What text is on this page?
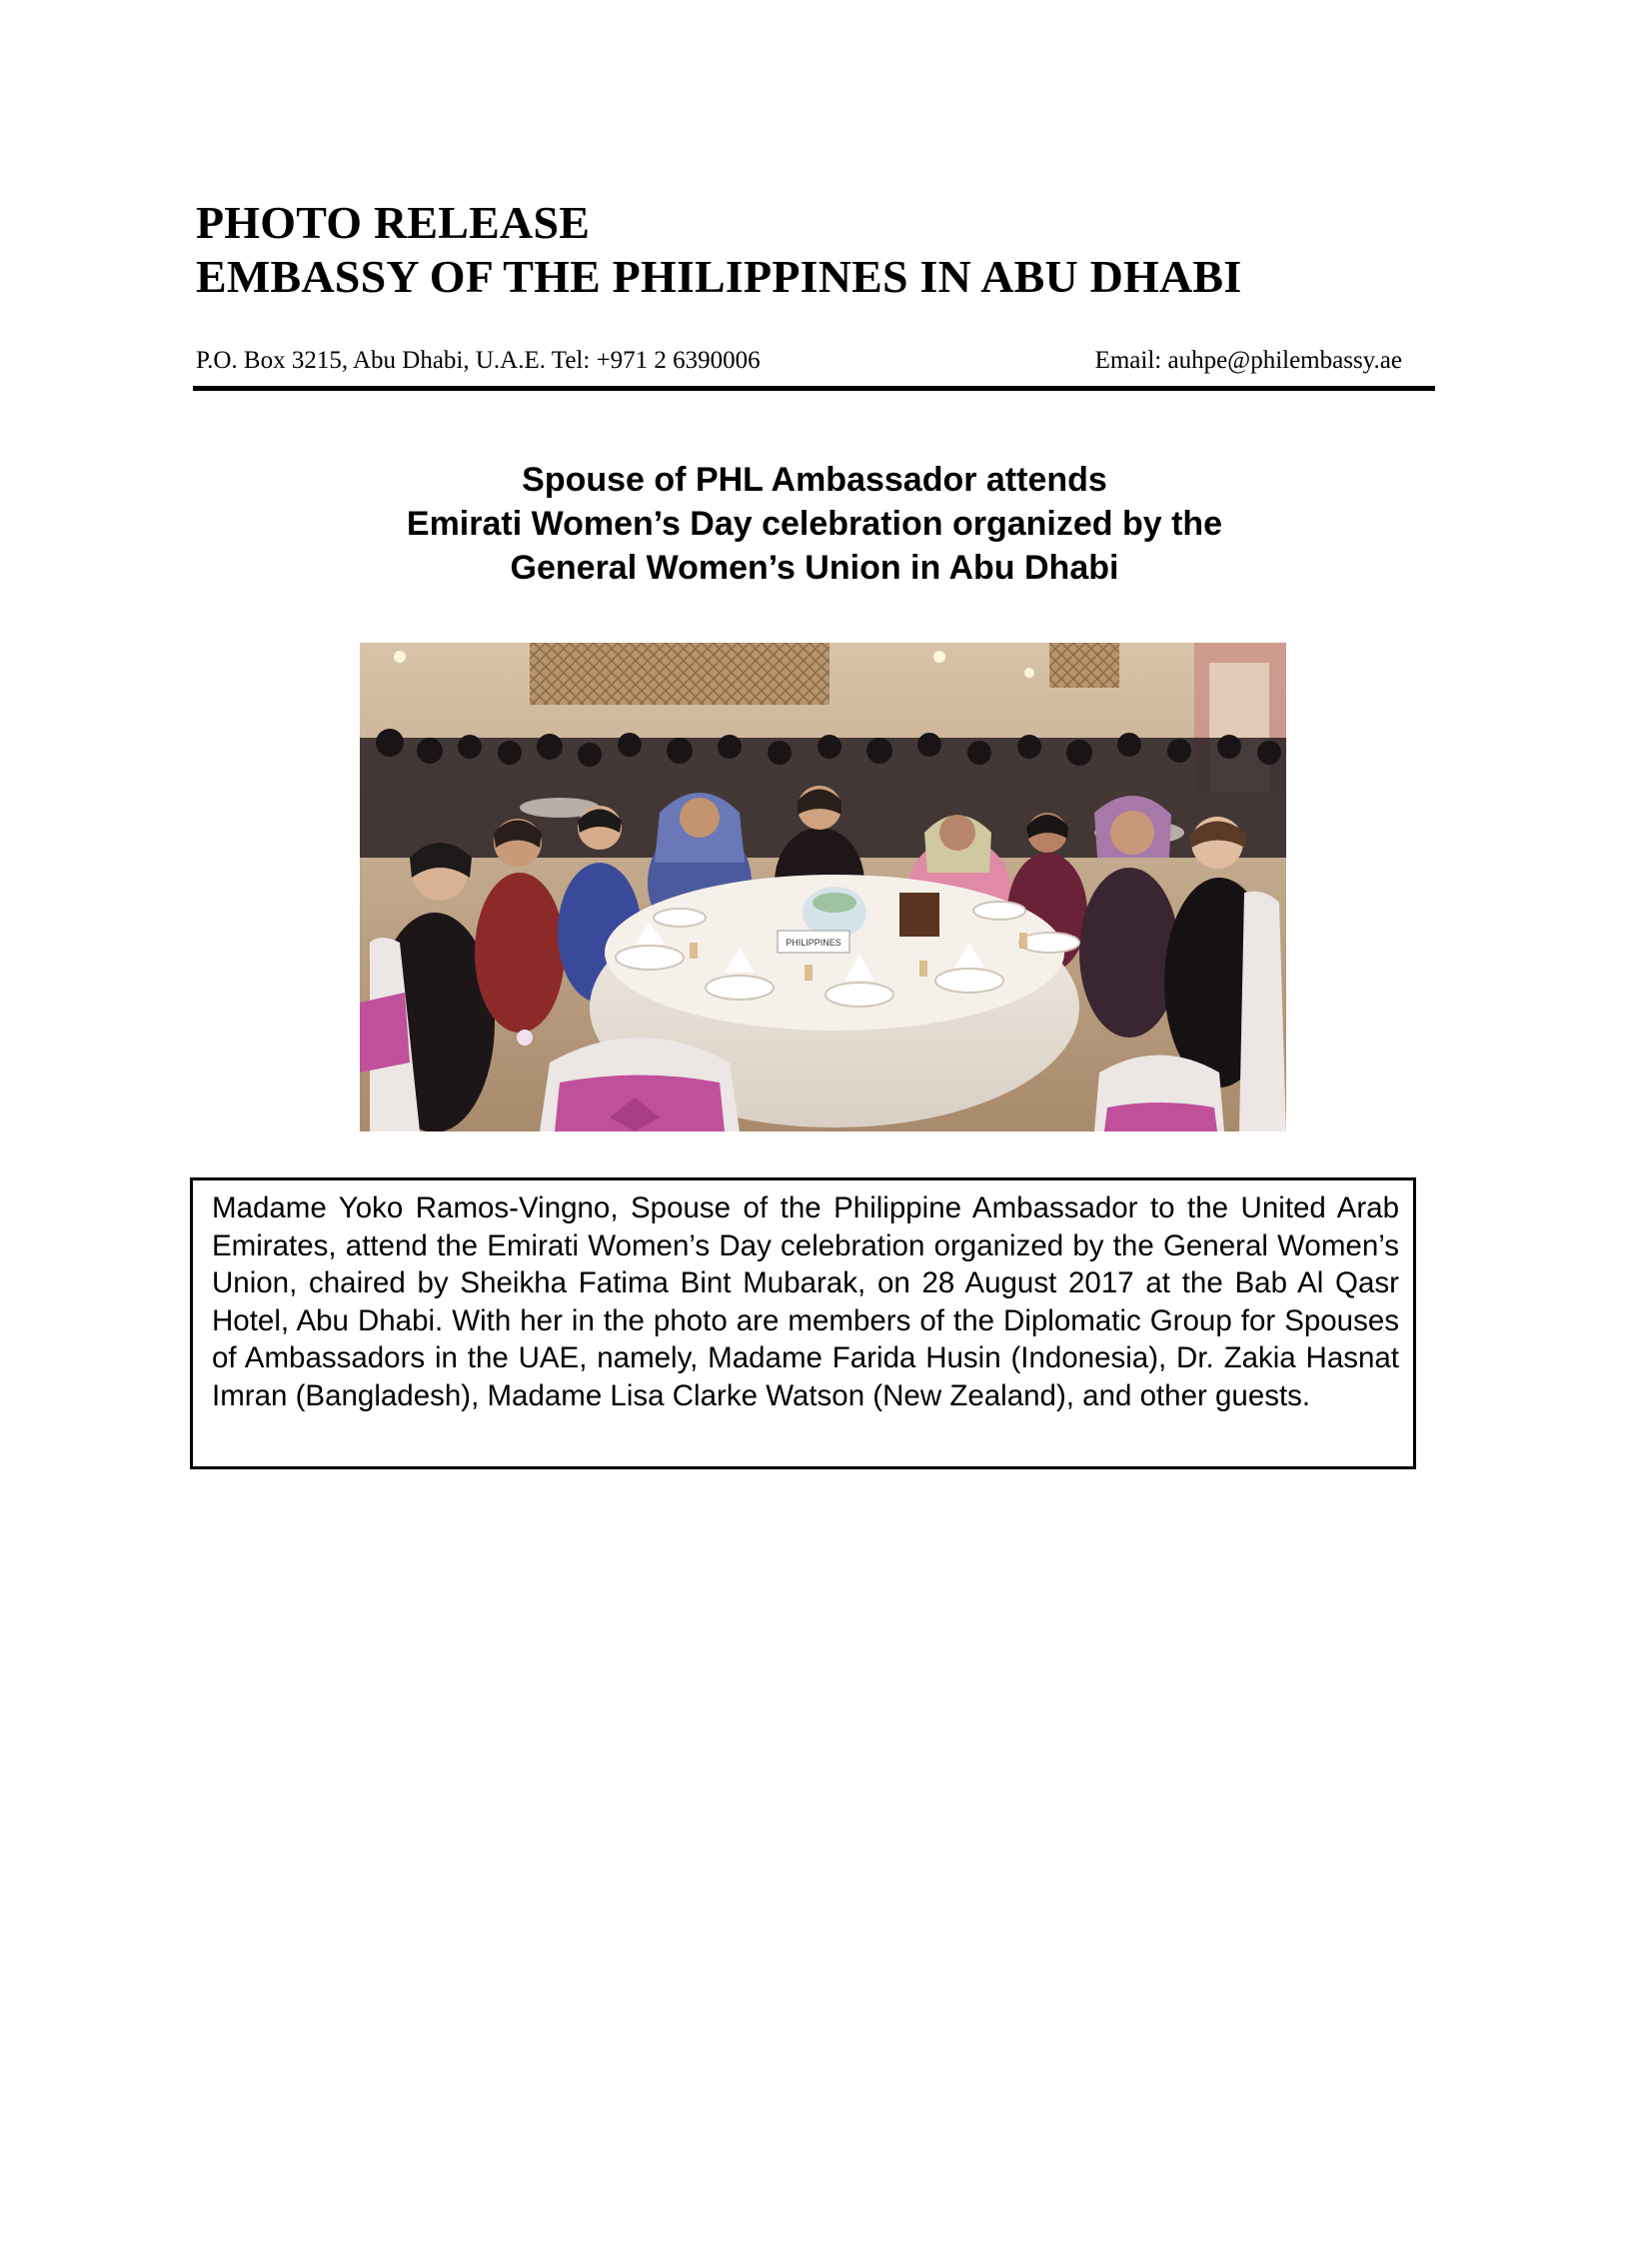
PHOTO RELEASE
EMBASSY OF THE PHILIPPINES IN ABU DHABI
P.O. Box 3215, Abu Dhabi, U.A.E. Tel: +971 2 6390006	Email: auhpe@philembassy.ae
Spouse of PHL Ambassador attends
Emirati Women’s Day celebration organized by the
General Women’s Union in Abu Dhabi
PHILIPPINES
Madame Yoko Ramos-Vingno, Spouse of the Philippine Ambassador to the United Arab Emirates, attend the Emirati Women’s Day celebration organized by the General Women’s Union, chaired by Sheikha Fatima Bint Mubarak, on 28 August 2017 at the Bab Al Qasr Hotel, Abu Dhabi. With her in the photo are members of the Diplomatic Group for Spouses of Ambassadors in the UAE, namely, Madame Farida Husin (Indonesia), Dr. Zakia Hasnat Imran (Bangladesh), Madame Lisa Clarke Watson (New Zealand), and other guests.
